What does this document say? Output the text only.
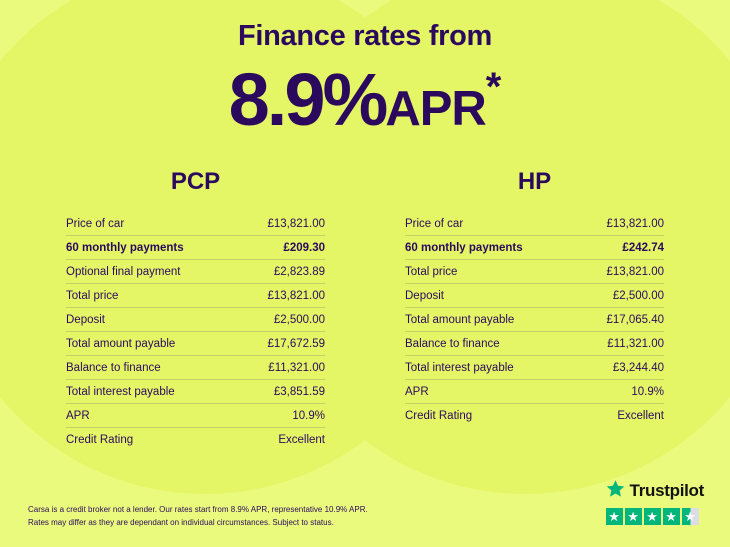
Finance rates from
8.9%APR*
PCP
Price of car	£13,821.00
60 monthly payments	£209.30
Optional final payment	£2,823.89
Total price	£13,821.00
Deposit	£2,500.00
Total amount payable	£17,672.59
Balance to finance	£11,321.00
Total interest payable	£3,851.59
APR	10.9%
Credit Rating	Excellent
HP
Price of car	£13,821.00
60 monthly payments	£242.74
Total price	£13,821.00
Deposit	£2,500.00
Total amount payable	£17,065.40
Balance to finance	£11,321.00
Total interest payable	£3,244.40
APR	10.9%
Credit Rating	Excellent
Carsa is a credit broker not a lender. Our rates start from 8.9% APR, representative 10.9% APR.
Rates may differ as they are dependant on individual circumstances. Subject to status.
Trustpilot
★ ★ ★ ★ ★
